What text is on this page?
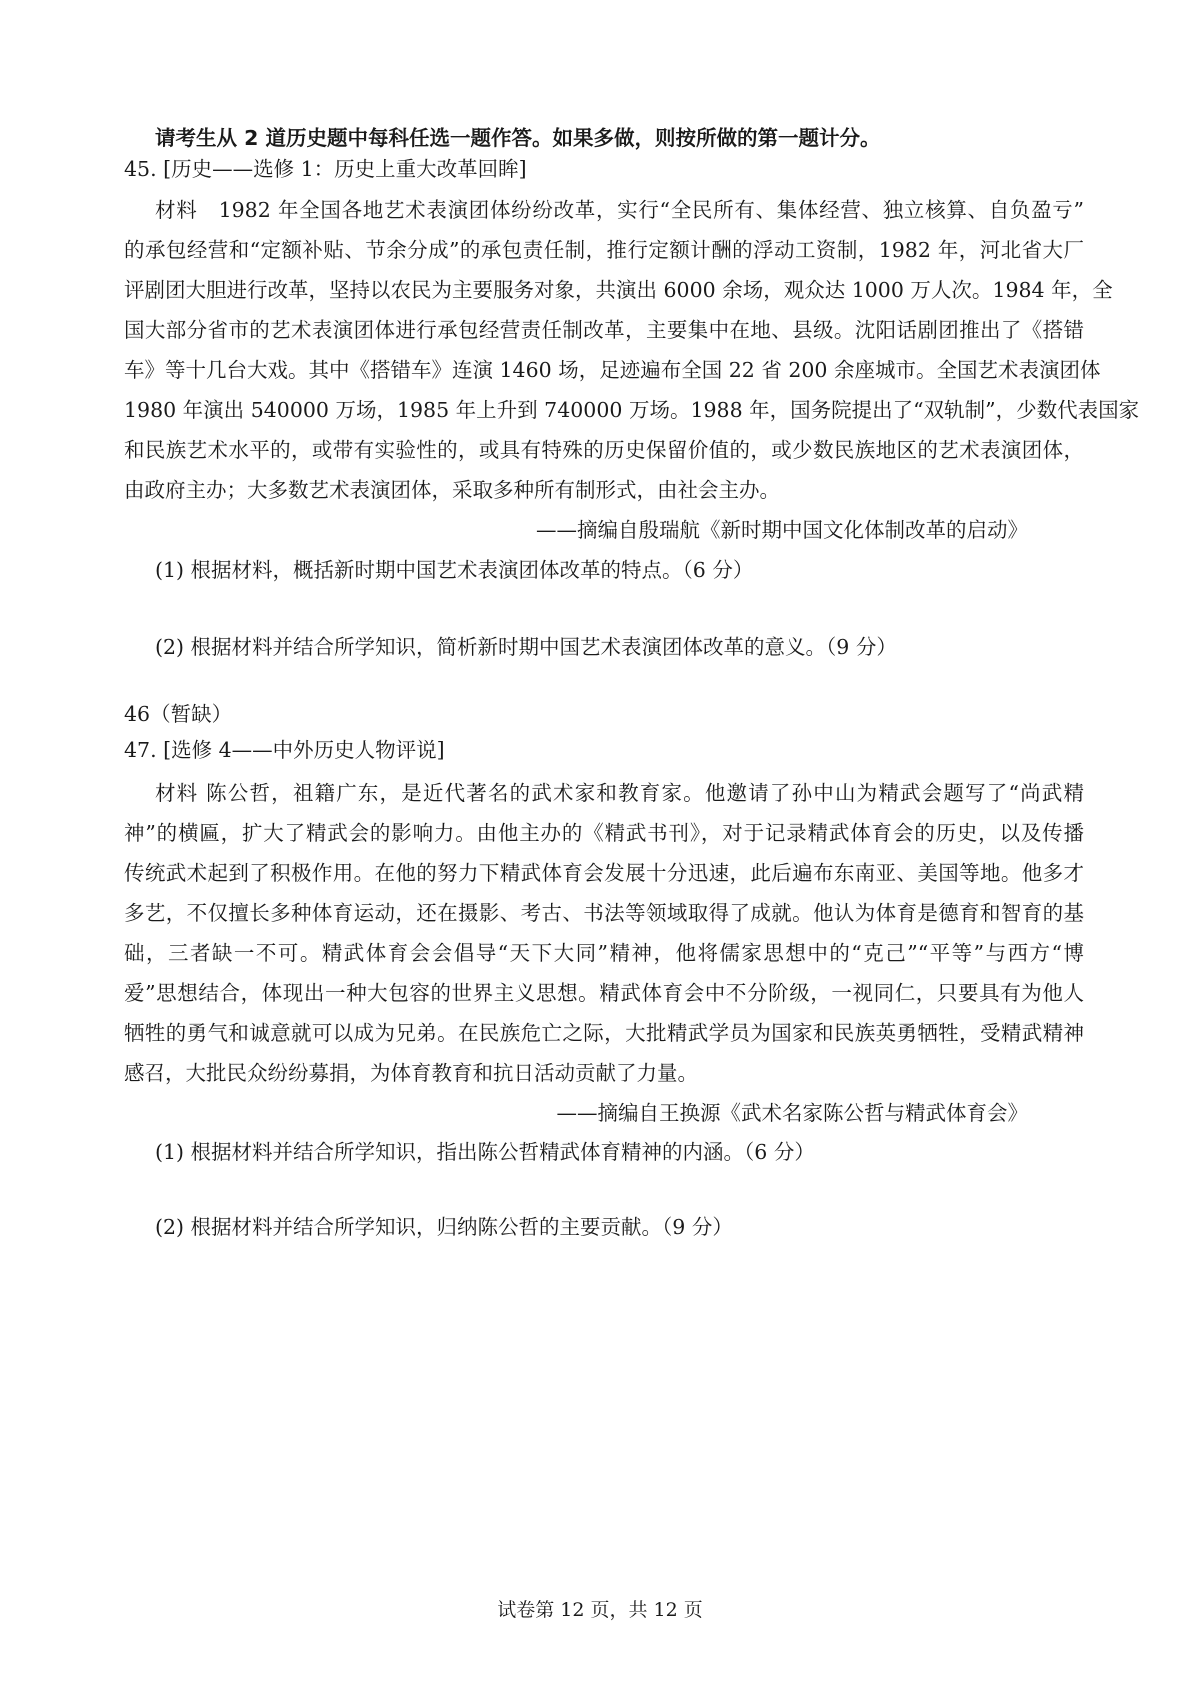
请考生从 2 道历史题中每科任选一题作答。如果多做，则按所做的第一题计分。
45. [历史——选修 1：历史上重大改革回眸]
材料　1982 年全国各地艺术表演团体纷纷改革，实行“全民所有、集体经营、独立核算、自负盈亏”
的承包经营和“定额补贴、节余分成”的承包责任制，推行定额计酬的浮动工资制，1982 年，河北省大厂
评剧团大胆进行改革，坚持以农民为主要服务对象，共演出 6000 余场，观众达 1000 万人次。1984 年，全
国大部分省市的艺术表演团体进行承包经营责任制改革，主要集中在地、县级。沈阳话剧团推出了《搭错
车》等十几台大戏。其中《搭错车》连演 1460 场，足迹遍布全国 22 省 200 余座城市。全国艺术表演团体
1980 年演出 540000 万场，1985 年上升到 740000 万场。1988 年，国务院提出了“双轨制”，少数代表国家
和民族艺术水平的，或带有实验性的，或具有特殊的历史保留价值的，或少数民族地区的艺术表演团体，
由政府主办；大多数艺术表演团体，采取多种所有制形式，由社会主办。
——摘编自殷瑞航《新时期中国文化体制改革的启动》
(1) 根据材料，概括新时期中国艺术表演团体改革的特点。（6 分）
(2) 根据材料并结合所学知识，简析新时期中国艺术表演团体改革的意义。（9 分）
46（暂缺）
47. [选修 4——中外历史人物评说]
材料 陈公哲，祖籍广东，是近代著名的武术家和教育家。他邀请了孙中山为精武会题写了“尚武精
神”的横匾，扩大了精武会的影响力。由他主办的《精武书刊》，对于记录精武体育会的历史，以及传播
传统武术起到了积极作用。在他的努力下精武体育会发展十分迅速，此后遍布东南亚、美国等地。他多才
多艺，不仅擅长多种体育运动，还在摄影、考古、书法等领域取得了成就。他认为体育是德育和智育的基
础，三者缺一不可。精武体育会会倡导“天下大同”精神，他将儒家思想中的“克己”“平等”与西方“博
爱”思想结合，体现出一种大包容的世界主义思想。精武体育会中不分阶级，一视同仁，只要具有为他人
牺牲的勇气和诚意就可以成为兄弟。在民族危亡之际，大批精武学员为国家和民族英勇牺牲，受精武精神
感召，大批民众纷纷募捐，为体育教育和抗日活动贡献了力量。
——摘编自王换源《武术名家陈公哲与精武体育会》
(1) 根据材料并结合所学知识，指出陈公哲精武体育精神的内涵。（6 分）
(2) 根据材料并结合所学知识，归纳陈公哲的主要贡献。（9 分）
试卷第 12 页，共 12 页
